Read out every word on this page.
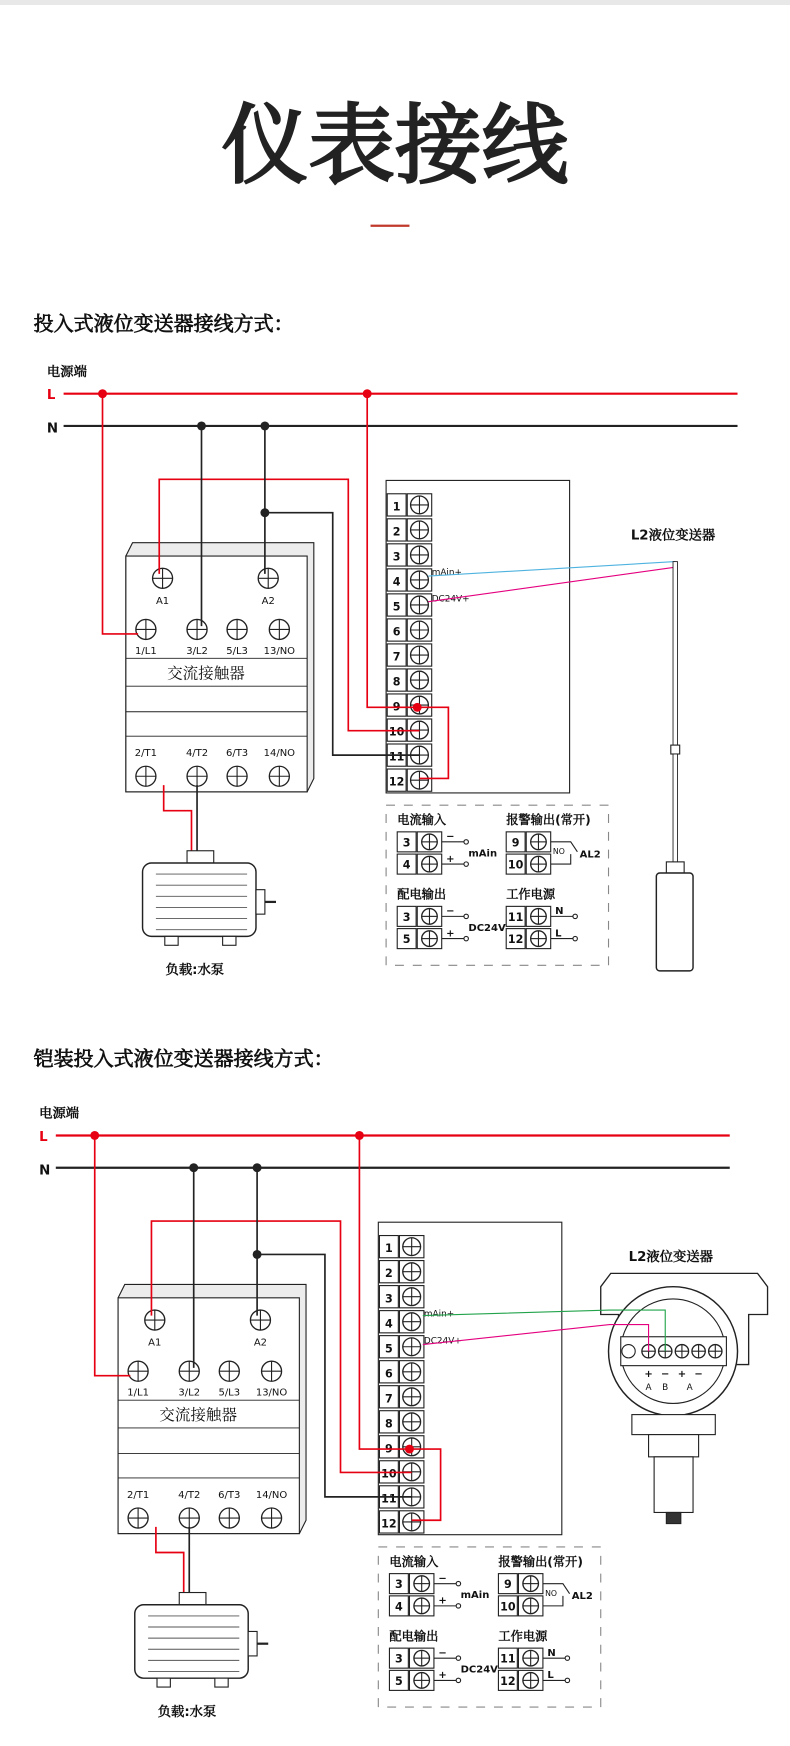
仪表接线
投入式液位变送器接线方式：
铠装投入式液位变送器接线方式：
电源端
L
N
A1	A2
1/L1
2/T1
3/L2
4/T2
5/L3
6/T3
13/NO
14/NO
交流接触器
1
2
3
4
5
6
7
8
9
10
11
12
mAin+
DC24V+
负载:水泵
电流输入
3	−
4	+
mAin
报警输出(常开)
9
10
NO AL2
配电输出
3	−
5	+
DC24V
工作电源
11	N
12	L
L2液位变送器
电源端
L
N
A1	A2
1/L1
2/T1
3/L2
4/T2
5/L3
6/T3
13/NO
14/NO
交流接触器
1
2
3
4
5
6
7
8
9
10
11
12
mAin+
DC24V+
负载:水泵
电流输入
3	−
4	+
mAin
报警输出(常开)
9
10
NO AL2
配电输出
3	−
5	+
DC24V
工作电源
11	N
12	L
L2液位变送器
+ − + −
A B A
